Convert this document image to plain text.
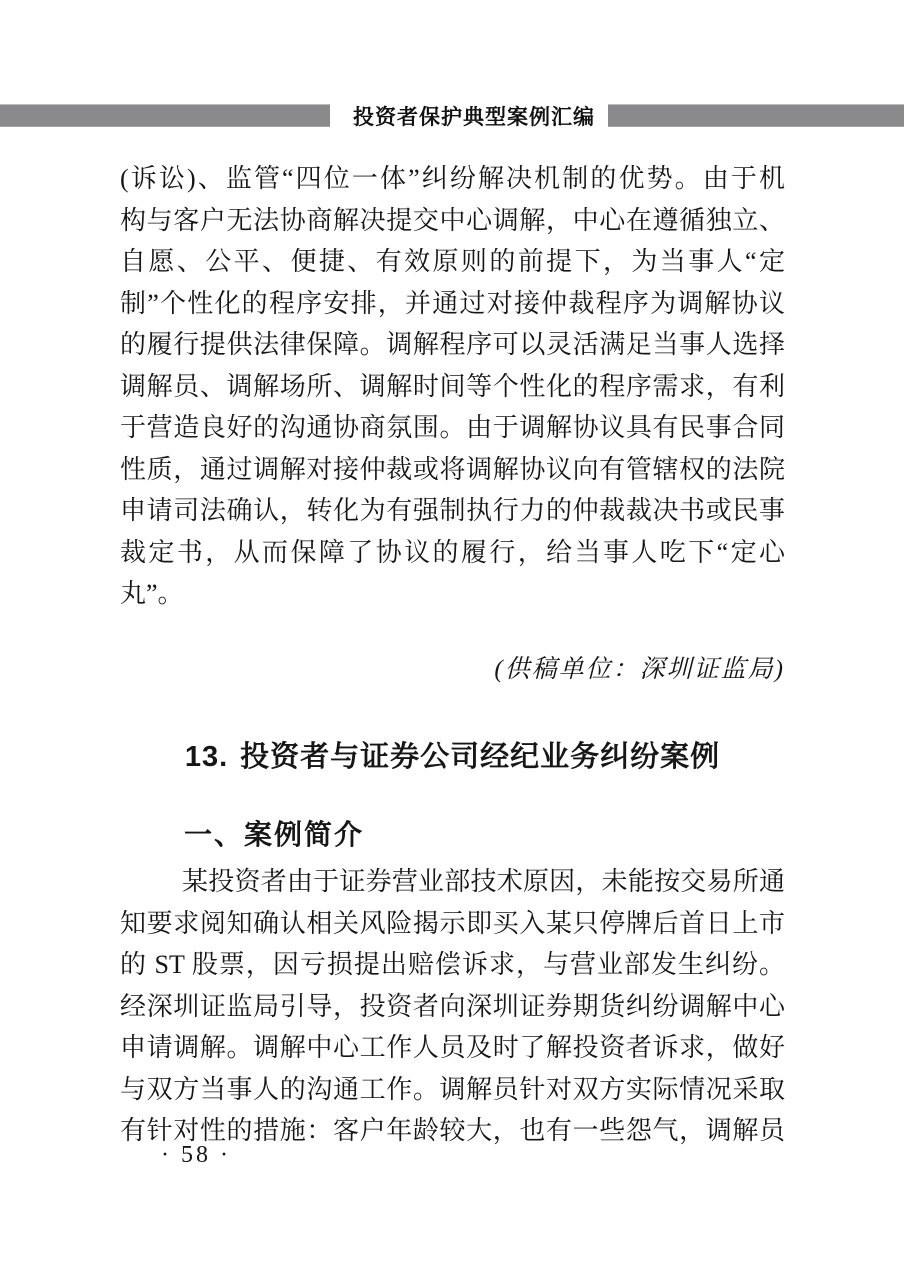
投资者保护典型案例汇编
(诉讼)、监管“四位一体”纠纷解决机制的优势。由于机
构与客户无法协商解决提交中心调解，中心在遵循独立、
自愿、公平、便捷、有效原则的前提下，为当事人“定
制”个性化的程序安排，并通过对接仲裁程序为调解协议
的履行提供法律保障。调解程序可以灵活满足当事人选择
调解员、调解场所、调解时间等个性化的程序需求，有利
于营造良好的沟通协商氛围。由于调解协议具有民事合同
性质，通过调解对接仲裁或将调解协议向有管辖权的法院
申请司法确认，转化为有强制执行力的仲裁裁决书或民事
裁定书，从而保障了协议的履行，给当事人吃下“定心
丸”。
(供稿单位：深圳证监局)
13. 投资者与证券公司经纪业务纠纷案例
一、案例简介
某投资者由于证券营业部技术原因，未能按交易所通
知要求阅知确认相关风险揭示即买入某只停牌后首日上市
的 ST 股票，因亏损提出赔偿诉求，与营业部发生纠纷。
经深圳证监局引导，投资者向深圳证券期货纠纷调解中心
申请调解。调解中心工作人员及时了解投资者诉求，做好
与双方当事人的沟通工作。调解员针对双方实际情况采取
有针对性的措施：客户年龄较大，也有一些怨气，调解员
· 58 ·
